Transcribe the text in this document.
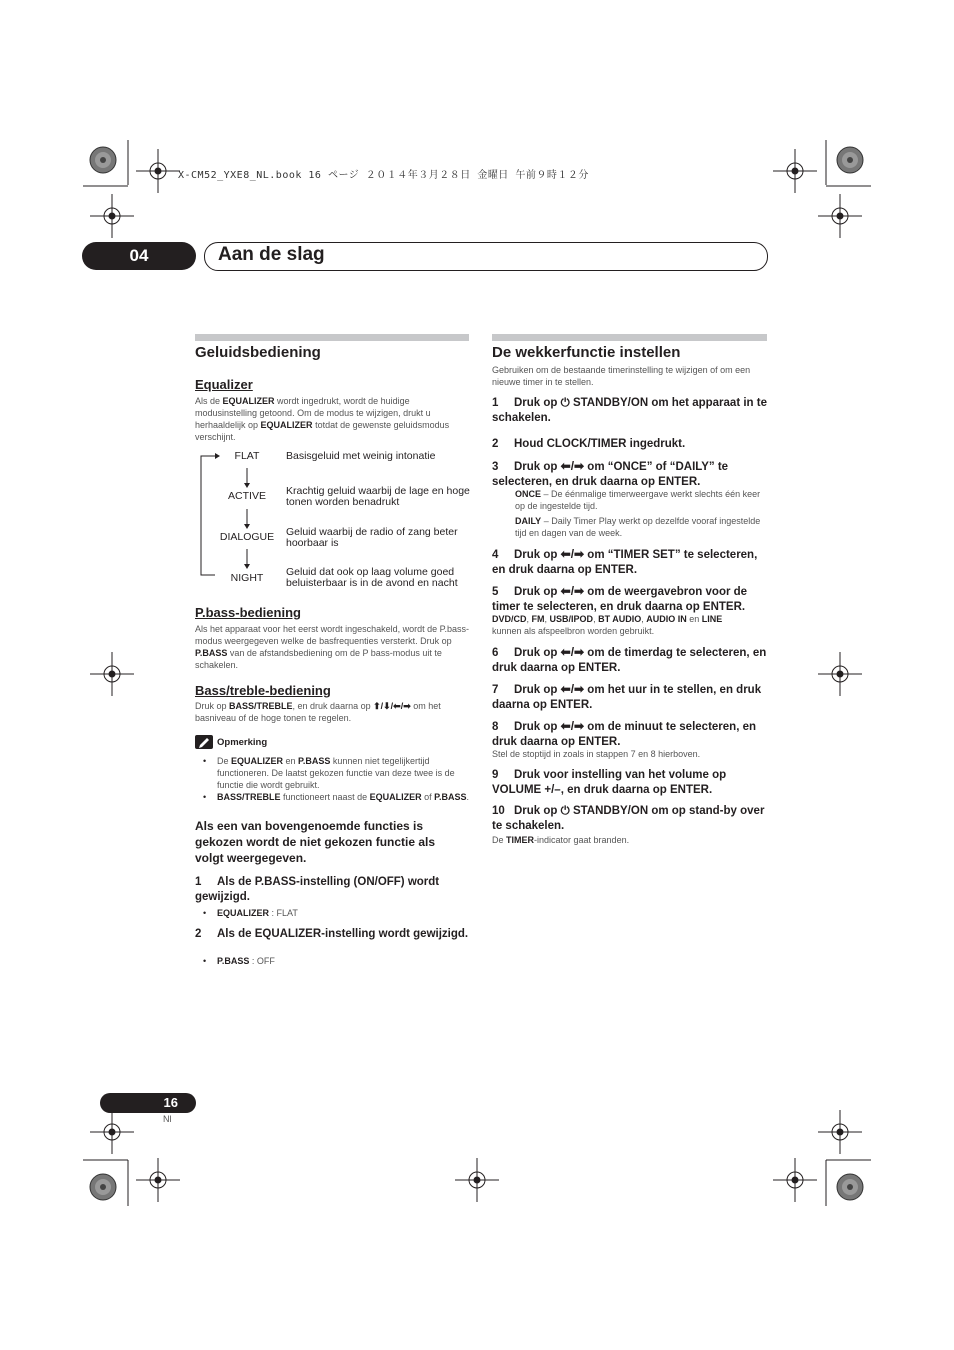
X-CM52_YXE8_NL.book 16 ページ ２０１４年３月２８日 金曜日 午前９時１２分
04	Aan de slag
Geluidsbediening
Equalizer
Als de EQUALIZER wordt ingedrukt, wordt de huidige modusinstelling getoond. Om de modus te wijzigen, drukt u herhaaldelijk op EQUALIZER totdat de gewenste geluidsmodus verschijnt.
FLAT	Basisgeluid met weinig intonatie
ACTIVE	Krachtig geluid waarbij de lage en hoge tonen worden benadrukt
DIALOGUE	Geluid waarbij de radio of zang beter hoorbaar is
NIGHT	Geluid dat ook op laag volume goed beluisterbaar is in de avond en nacht
P.bass-bediening
Als het apparaat voor het eerst wordt ingeschakeld, wordt de P.bass-modus weergegeven welke de basfrequenties versterkt. Druk op P.BASS van de afstandsbediening om de P bass-modus uit te schakelen.
Bass/treble-bediening
Druk op BASS/TREBLE, en druk daarna op ⬆/⬇/⬅/➡ om het basniveau of de hoge tonen te regelen.
Opmerking
• De EQUALIZER en P.BASS kunnen niet tegelijkertijd functioneren. De laatst gekozen functie van deze twee is de functie die wordt gebruikt.
• BASS/TREBLE functioneert naast de EQUALIZER of P.BASS.
Als een van bovengenoemde functies is gekozen wordt de niet gekozen functie als volgt weergegeven.
1 Als de P.BASS-instelling (ON/OFF) wordt gewijzigd.
• EQUALIZER : FLAT
2 Als de EQUALIZER-instelling wordt gewijzigd.
• P.BASS : OFF
De wekkerfunctie instellen
Gebruiken om de bestaande timerinstelling te wijzigen of om een nieuwe timer in te stellen.
1 Druk op ⏻ STANDBY/ON om het apparaat in te schakelen.
2 Houd CLOCK/TIMER ingedrukt.
3 Druk op ⬅/➡ om “ONCE” of “DAILY” te selecteren, en druk daarna op ENTER.
ONCE – De éénmalige timerweergave werkt slechts één keer op de ingestelde tijd.
DAILY – Daily Timer Play werkt op dezelfde vooraf ingestelde tijd en dagen van de week.
4 Druk op ⬅/➡ om “TIMER SET” te selecteren, en druk daarna op ENTER.
5 Druk op ⬅/➡ om de weergavebron voor de timer te selecteren, en druk daarna op ENTER.
DVD/CD, FM, USB/IPOD, BT AUDIO, AUDIO IN en LINE
kunnen als afspeelbron worden gebruikt.
6 Druk op ⬅/➡ om de timerdag te selecteren, en druk daarna op ENTER.
7 Druk op ⬅/➡ om het uur in te stellen, en druk daarna op ENTER.
8 Druk op ⬅/➡ om de minuut te selecteren, en druk daarna op ENTER.
Stel de stoptijd in zoals in stappen 7 en 8 hierboven.
9 Druk voor instelling van het volume op VOLUME +/–, en druk daarna op ENTER.
10 Druk op ⏻ STANDBY/ON om op stand-by over te schakelen.
De TIMER-indicator gaat branden.
16
Nl
